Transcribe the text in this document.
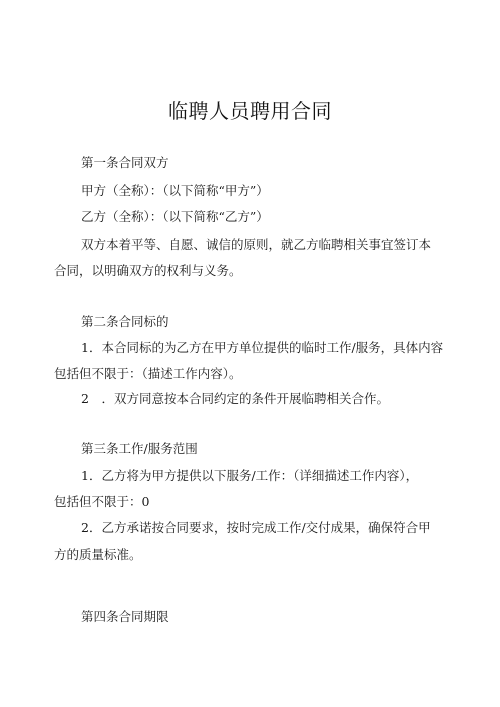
临聘人员聘用合同
第一条合同双方
甲方（全称）：（以下简称“甲方”）
乙方（全称）：（以下简称“乙方”）
双方本着平等、自愿、诚信的原则，就乙方临聘相关事宜签订本
合同，以明确双方的权利与义务。
第二条合同标的
1．本合同标的为乙方在甲方单位提供的临时工作/服务，具体内容
包括但不限于：（描述工作内容）。
2　．双方同意按本合同约定的条件开展临聘相关合作。
第三条工作/服务范围
1．乙方将为甲方提供以下服务/工作：（详细描述工作内容），
包括但不限于：0
2．乙方承诺按合同要求，按时完成工作/交付成果，确保符合甲
方的质量标准。
第四条合同期限
